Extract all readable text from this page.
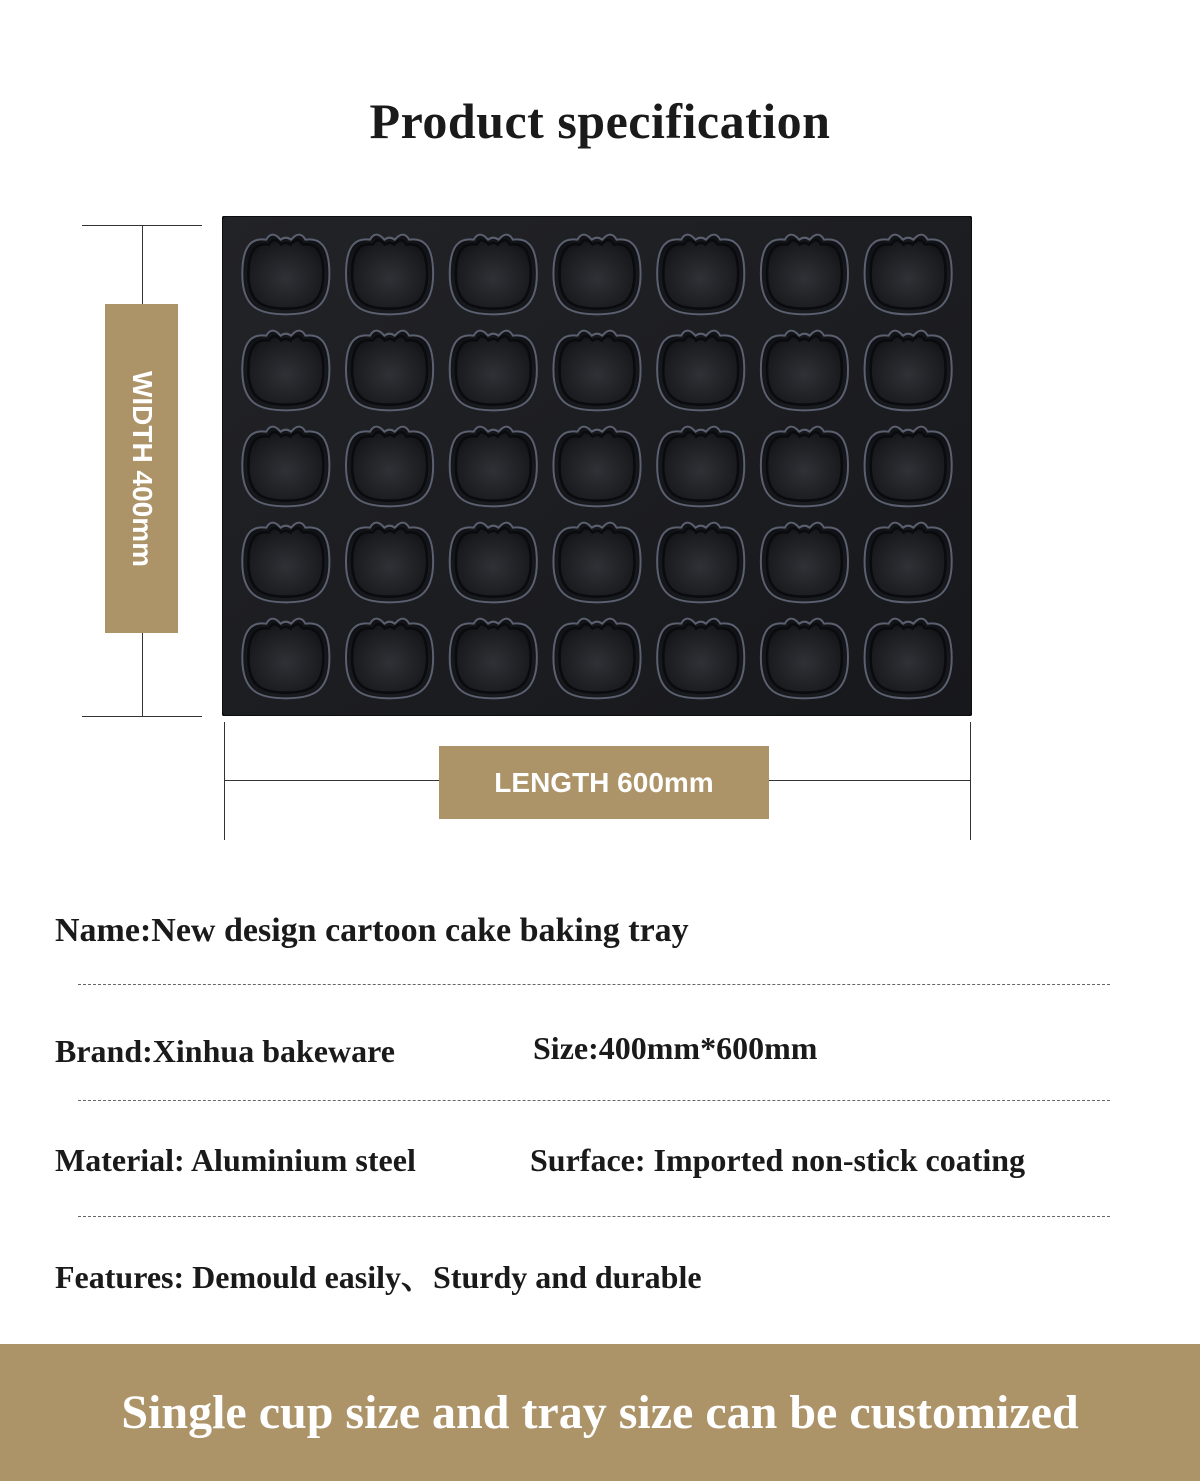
Product specification
WIDTH 400mm
LENGTH 600mm
Name:New design cartoon cake baking tray
Brand:Xinhua bakeware	Size:400mm*600mm
Material: Aluminium steel	Surface: Imported non-stick coating
Features: Demould easily、Sturdy and durable
Single cup size and tray size can be customized
